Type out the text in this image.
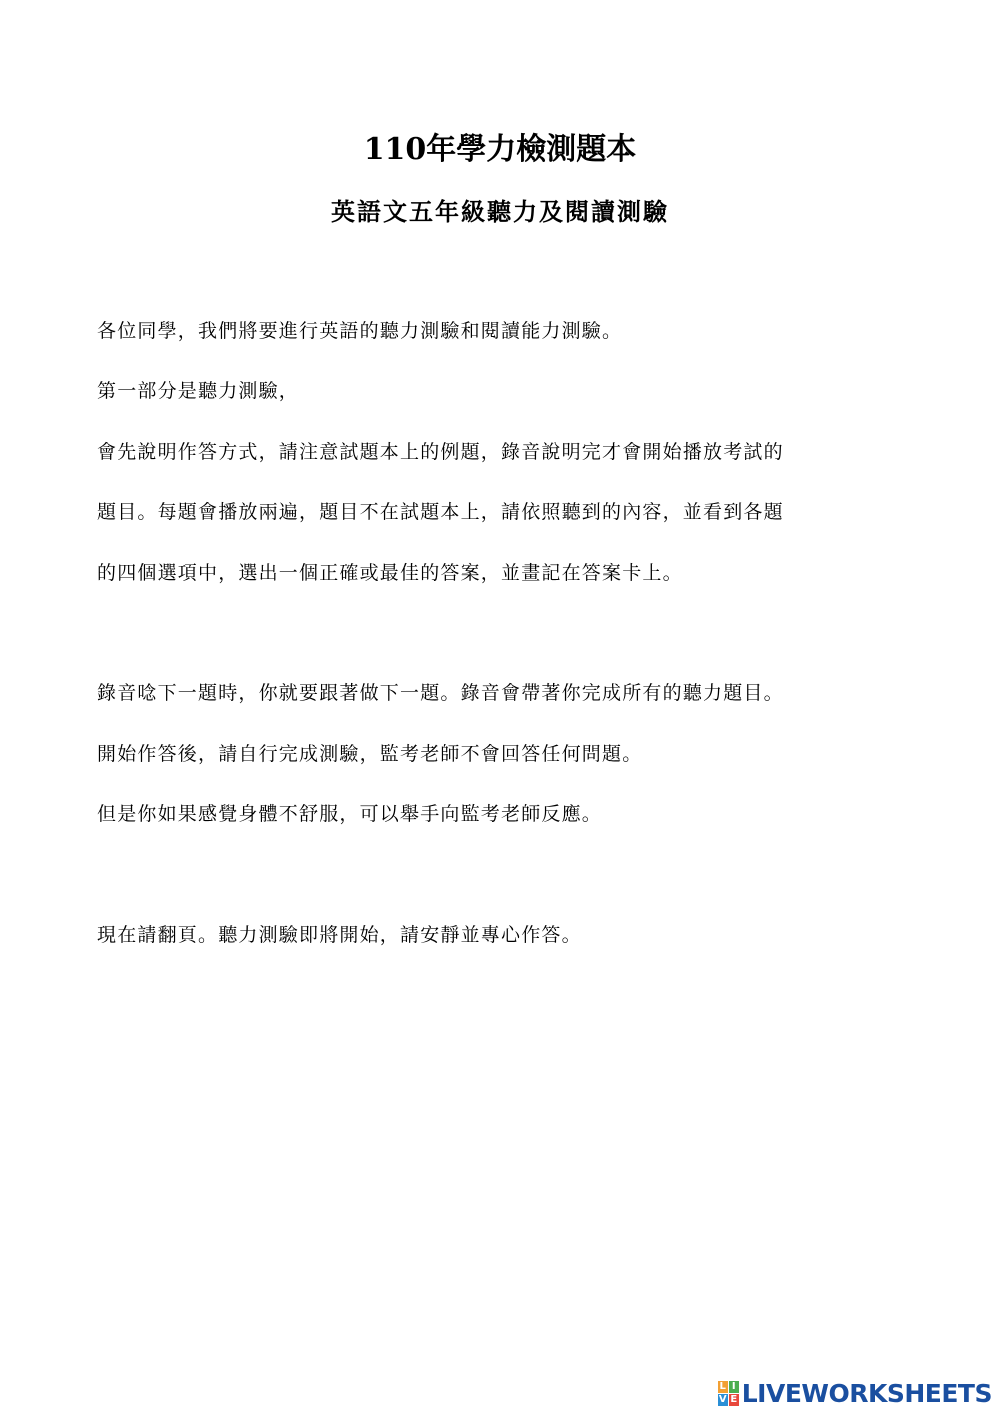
110年學力檢測題本
英語文五年級聽力及閱讀測驗
各位同學，我們將要進行英語的聽力測驗和閱讀能力測驗。
第一部分是聽力測驗，
會先說明作答方式，請注意試題本上的例題，錄音說明完才會開始播放考試的
題目。每題會播放兩遍，題目不在試題本上，請依照聽到的內容，並看到各題
的四個選項中，選出一個正確或最佳的答案，並畫記在答案卡上。
錄音唸下一題時，你就要跟著做下一題。錄音會帶著你完成所有的聽力題目。
開始作答後，請自行完成測驗，監考老師不會回答任何問題。
但是你如果感覺身體不舒服，可以舉手向監考老師反應。
現在請翻頁。聽力測驗即將開始，請安靜並專心作答。
L I
V E LIVEWORKSHEETS
